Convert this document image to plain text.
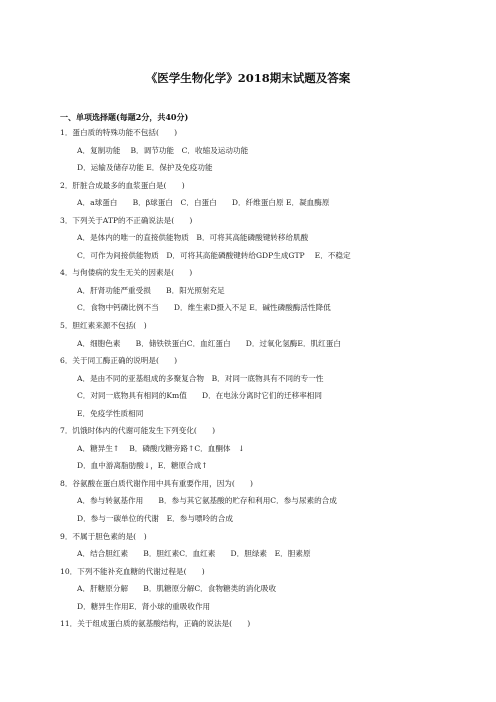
《医学生物化学》2018期末试题及答案
一、单项选择题(每题2分，共40分)
1．蛋白质的特殊功能不包括(　　)
A．复制功能　 B．调节功能　C．收缩及运动功能
D．运输及储存功能 E．保护及免疫功能
2．肝脏合成最多的血浆蛋白是(　　)
A．a球蛋白　　B．β球蛋白　C．白蛋白　　D．纤维蛋白原 E．凝血酶原
3．下列关于ATP的不正确说法是(　　)
A．是体内的唯一的直接供能物质　B．可将其高能磷酸键转移给肌酸
C．可作为间接供能物质　D．可将其高能磷酸键转给GDP生成GTP　 E．不稳定
4．与佝偻病的发生无关的因素是(　　)
A．肝肾功能严重受损　　B．阳光照射充足
C．食物中钙磷比例不当　　D．维生素D摄入不足 E．碱性磷酸酶活性降低
5．胆红素来源不包括(　)
A．细胞色素　　B．储铁铁蛋白C．血红蛋白　　D．过氧化氢酶E．肌红蛋白
6．关于同工酶正确的说明是(　　)
A．是由不同的亚基组成的多聚复合物　B．对同一底物具有不同的专一性
C．对同一底物具有相同的Km值　　D．在电泳分离时它们的迁移率相同
E．免疫学性质相同
7．饥饿时体内的代谢可能发生下列变化(　　)
A．糖异生↑　 B．磷酸戊糖旁路↑C．血酮体　↓
D．血中游离脂肪酸↓，E．糖原合成↑
8．谷氨酸在蛋白质代谢作用中具有重要作用，因为(　　)
A．参与转氨基作用　　B．参与其它氨基酸的贮存和利用C．参与尿素的合成
D．参与一碳单位的代谢　E．参与嘌呤的合成
9．不属于胆色素的是(　)
A．结合胆红素　　B．胆红素C．血红素　　D．胆绿素　E．胆素原
10．下列不能补充血糖的代谢过程是(　　)
A．肝糖原分解　　B．肌糖原分解C．食物糖类的消化吸收
D．糖异生作用E．肾小球的重吸收作用
11．关于组成蛋白质的氨基酸结构，正确的说法是(　　)
